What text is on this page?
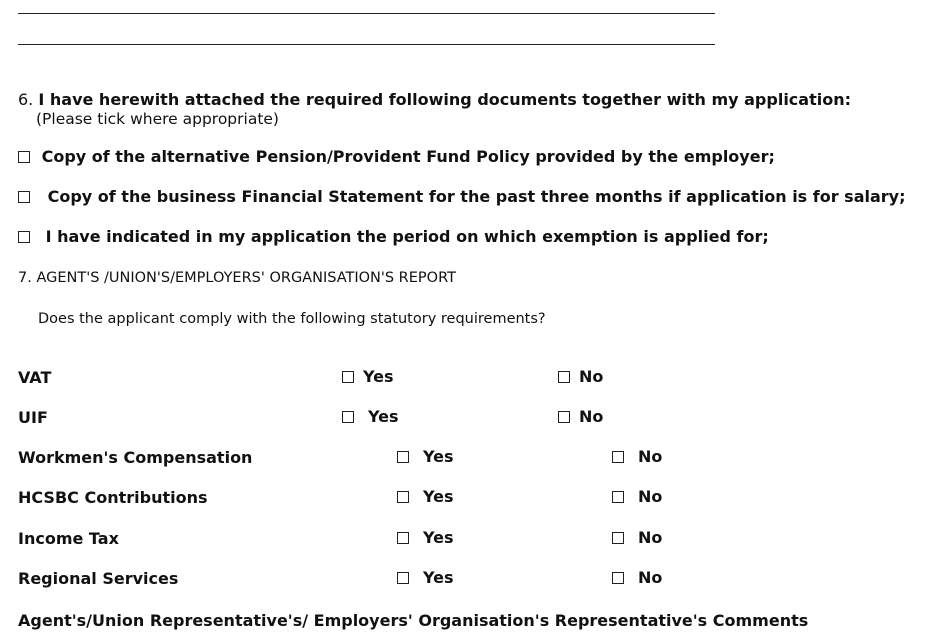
6. I have herewith attached the required following documents together with my application:
(Please tick where appropriate)
Copy of the alternative Pension/Provident Fund Policy provided by the employer;
Copy of the business Financial Statement for the past three months if application is for salary;
I have indicated in my application the period on which exemption is applied for;
7. AGENT'S /UNION'S/EMPLOYERS' ORGANISATION'S REPORT
Does the applicant comply with the following statutory requirements?
VAT	Yes	No
UIF	Yes	No
Workmen's Compensation	Yes	No
HCSBC Contributions	Yes	No
Income Tax	Yes	No
Regional Services	Yes	No
Agent's/Union Representative's/ Employers' Organisation's Representative's Comments
